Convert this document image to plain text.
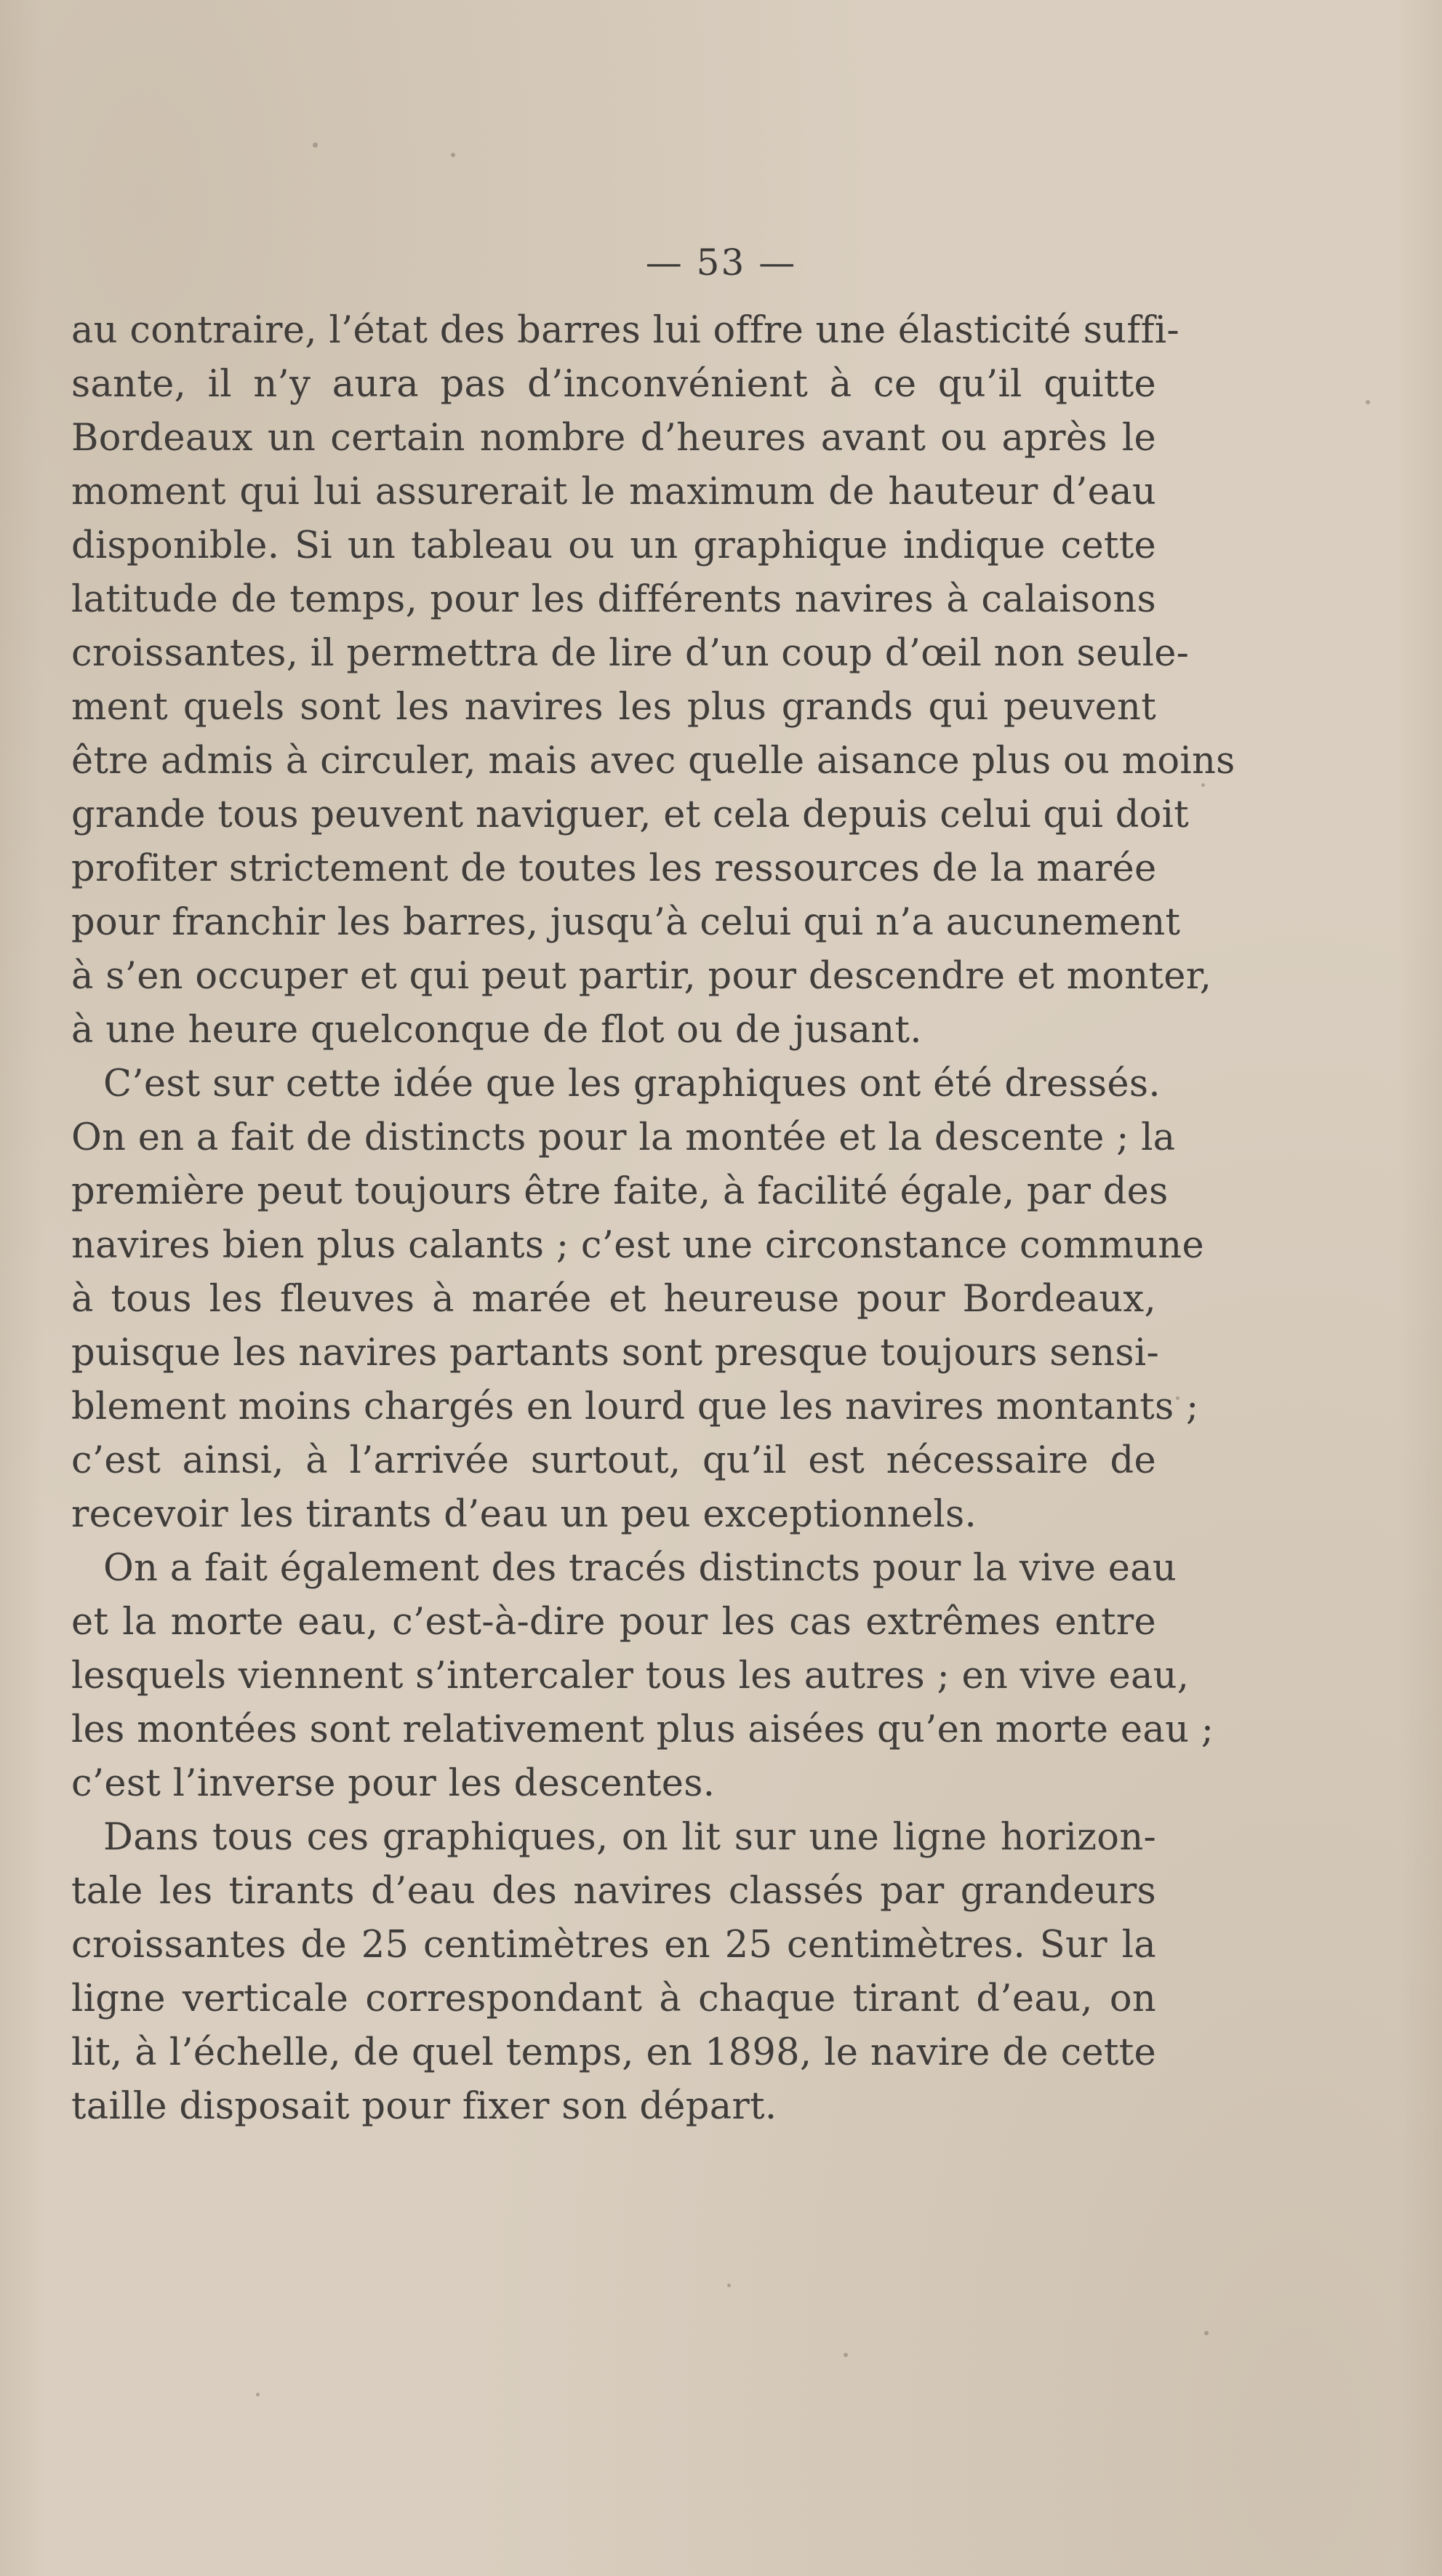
— 53 —
au contraire, l’état des barres lui offre une élasticité suffi-
sante, il n’y aura pas d’inconvénient à ce qu’il quitte
Bordeaux un certain nombre d’heures avant ou après le
moment qui lui assurerait le maximum de hauteur d’eau
disponible. Si un tableau ou un graphique indique cette
latitude de temps, pour les différents navires à calaisons
croissantes, il permettra de lire d’un coup d’œil non seule-
ment quels sont les navires les plus grands qui peuvent
être admis à circuler, mais avec quelle aisance plus ou moins
grande tous peuvent naviguer, et cela depuis celui qui doit
profiter strictement de toutes les ressources de la marée
pour franchir les barres, jusqu’à celui qui n’a aucunement
à s’en occuper et qui peut partir, pour descendre et monter,
à une heure quelconque de flot ou de jusant.
C’est sur cette idée que les graphiques ont été dressés.
On en a fait de distincts pour la montée et la descente ; la
première peut toujours être faite, à facilité égale, par des
navires bien plus calants ; c’est une circonstance commune
à tous les fleuves à marée et heureuse pour Bordeaux,
puisque les navires partants sont presque toujours sensi-
blement moins chargés en lourd que les navires montants ;
c’est ainsi, à l’arrivée surtout, qu’il est nécessaire de
recevoir les tirants d’eau un peu exceptionnels.
On a fait également des tracés distincts pour la vive eau
et la morte eau, c’est-à-dire pour les cas extrêmes entre
lesquels viennent s’intercaler tous les autres ; en vive eau,
les montées sont relativement plus aisées qu’en morte eau ;
c’est l’inverse pour les descentes.
Dans tous ces graphiques, on lit sur une ligne horizon-
tale les tirants d’eau des navires classés par grandeurs
croissantes de 25 centimètres en 25 centimètres. Sur la
ligne verticale correspondant à chaque tirant d’eau, on
lit, à l’échelle, de quel temps, en 1898, le navire de cette
taille disposait pour fixer son départ.
